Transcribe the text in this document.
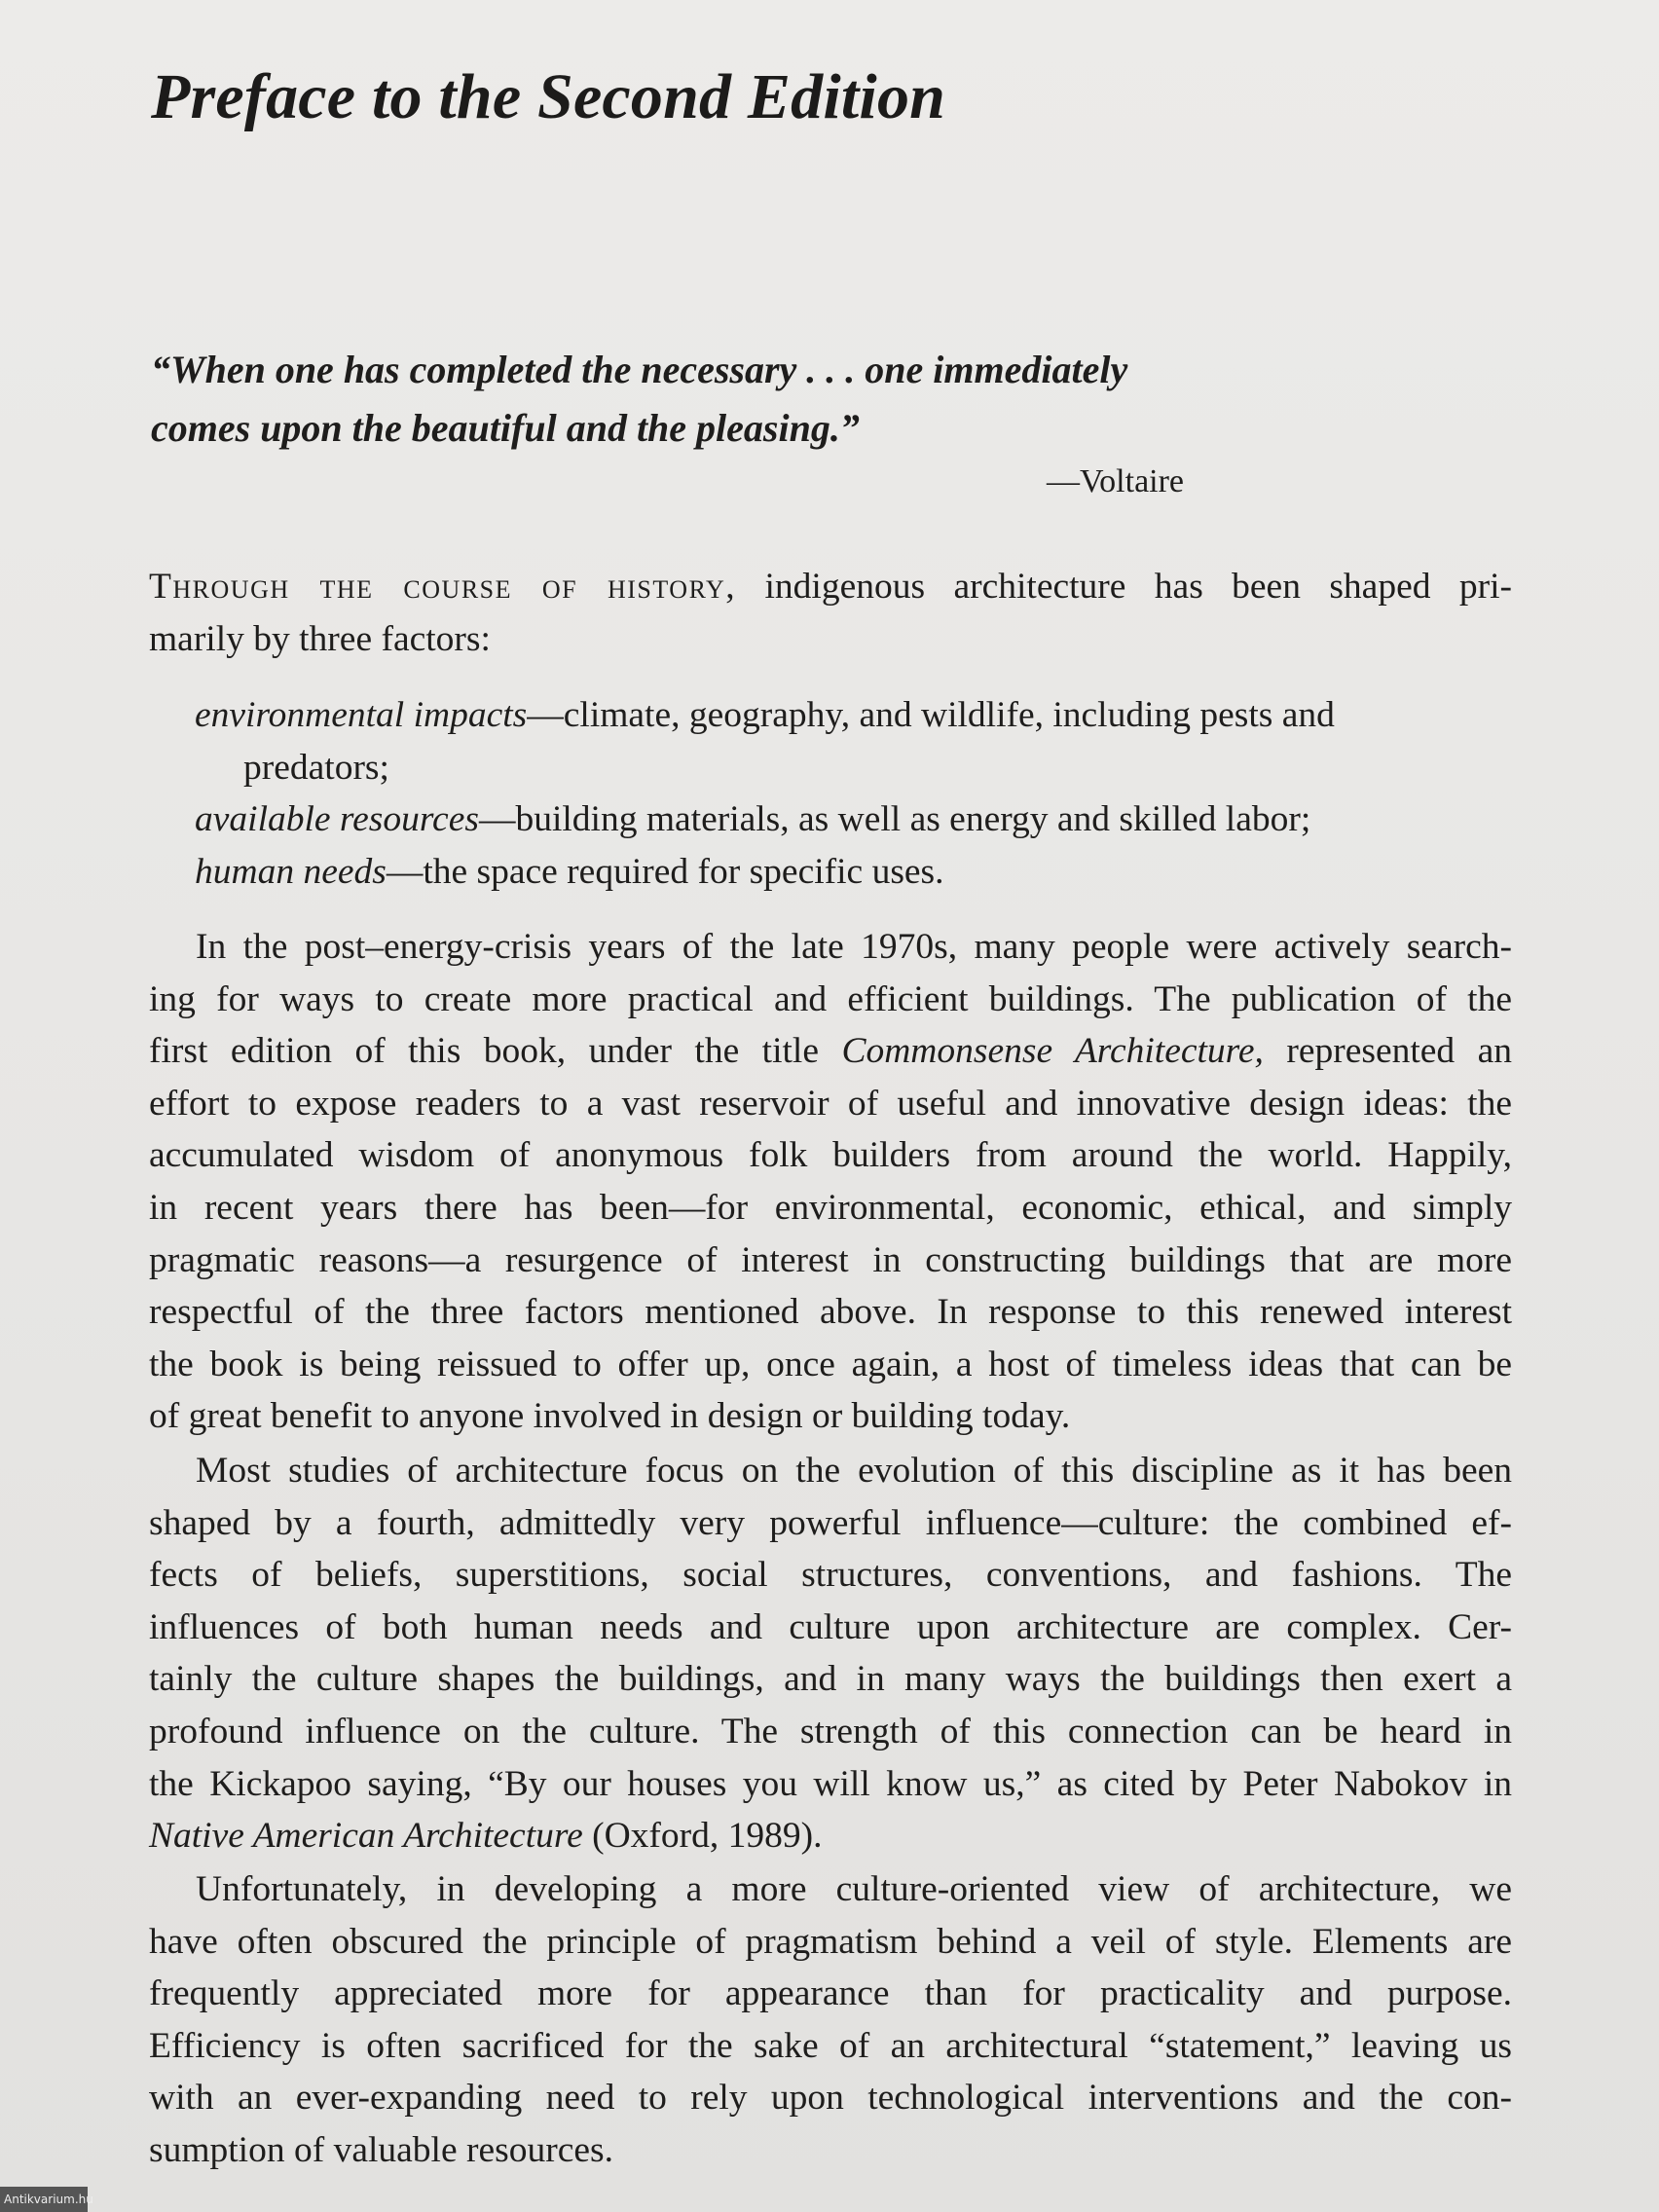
Preface to the Second Edition
“When one has completed the necessary . . . one immediately
comes upon the beautiful and the pleasing.”
—Voltaire
Through the course of history, indigenous architecture has been shaped pri-
marily by three factors:
environmental impacts—climate, geography, and wildlife, including pests and
predators;
available resources—building materials, as well as energy and skilled labor;
human needs—the space required for specific uses.
In the post–energy-crisis years of the late 1970s, many people were actively search-
ing for ways to create more practical and efficient buildings. The publication of the
first edition of this book, under the title Commonsense Architecture, represented an
effort to expose readers to a vast reservoir of useful and innovative design ideas: the
accumulated wisdom of anonymous folk builders from around the world. Happily,
in recent years there has been—for environmental, economic, ethical, and simply
pragmatic reasons—a resurgence of interest in constructing buildings that are more
respectful of the three factors mentioned above. In response to this renewed interest
the book is being reissued to offer up, once again, a host of timeless ideas that can be
of great benefit to anyone involved in design or building today.
Most studies of architecture focus on the evolution of this discipline as it has been
shaped by a fourth, admittedly very powerful influence—culture: the combined ef-
fects of beliefs, superstitions, social structures, conventions, and fashions. The
influences of both human needs and culture upon architecture are complex. Cer-
tainly the culture shapes the buildings, and in many ways the buildings then exert a
profound influence on the culture. The strength of this connection can be heard in
the Kickapoo saying, “By our houses you will know us,” as cited by Peter Nabokov in
Native American Architecture (Oxford, 1989).
Unfortunately, in developing a more culture-oriented view of architecture, we
have often obscured the principle of pragmatism behind a veil of style. Elements are
frequently appreciated more for appearance than for practicality and purpose.
Efficiency is often sacrificed for the sake of an architectural “statement,” leaving us
with an ever-expanding need to rely upon technological interventions and the con-
sumption of valuable resources.
Antikvarium.hu
